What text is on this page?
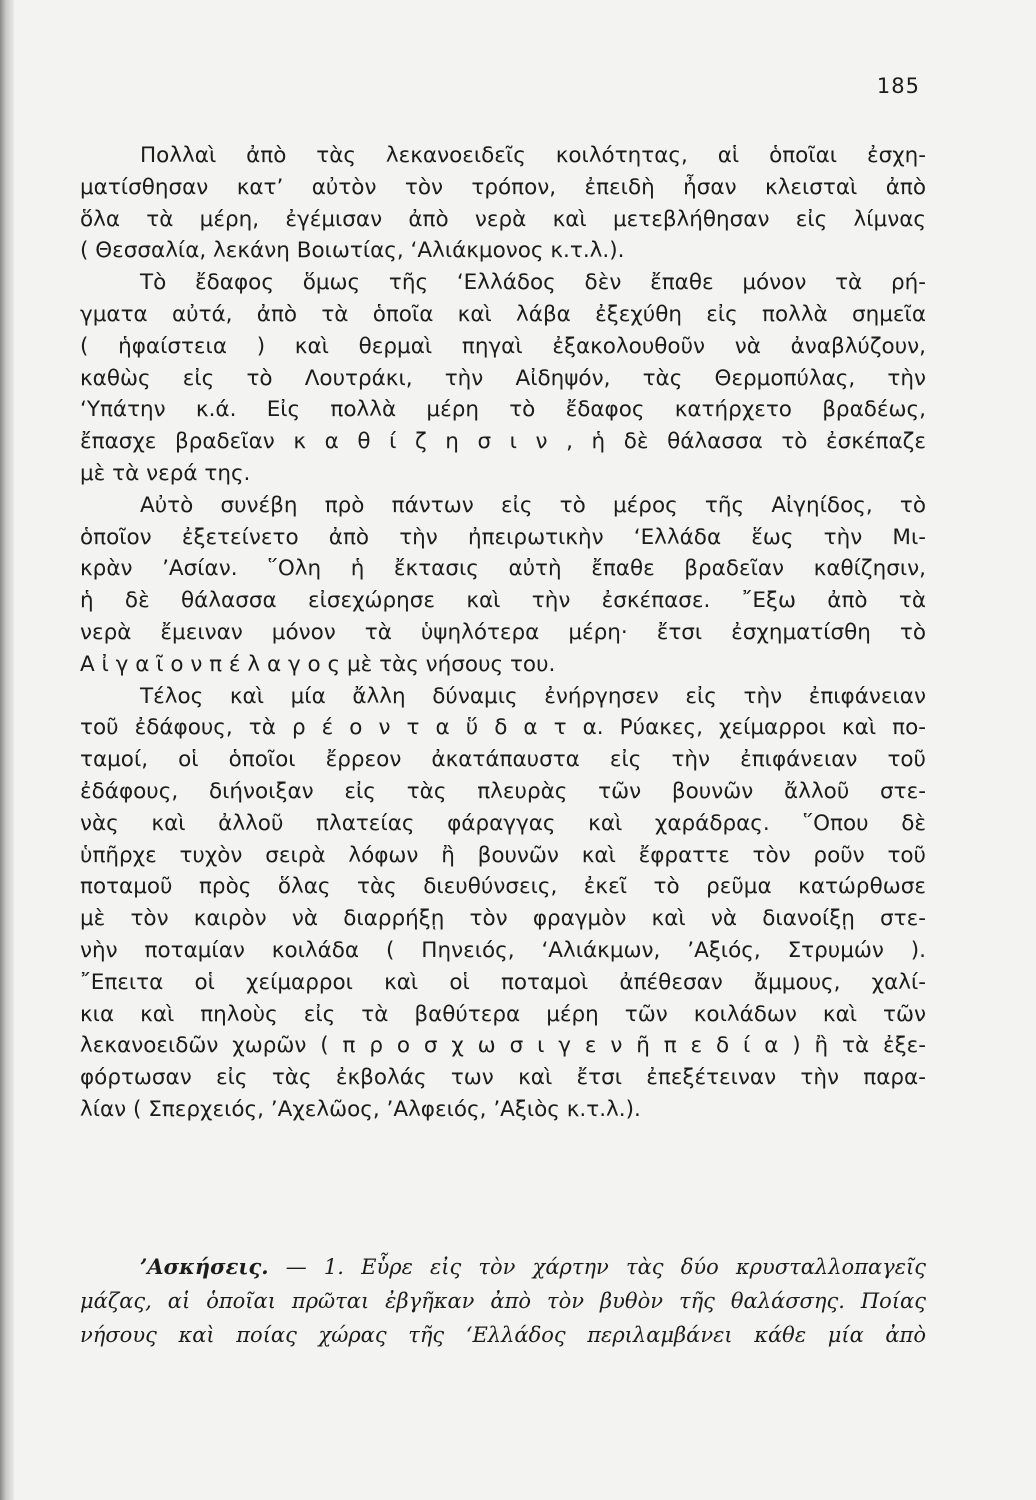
185
Πολλαὶ ἀπὸ τὰς λεκανοειδεῖς κοιλότητας, αἱ ὁποῖαι ἐσχη-
ματίσθησαν κατ’ αὐτὸν τὸν τρόπον, ἐπειδὴ ἦσαν κλεισταὶ ἀπὸ
ὅλα τὰ μέρη, ἐγέμισαν ἀπὸ νερὰ καὶ μετεβλήθησαν εἰς λίμνας
( Θεσσαλία, λεκάνη Βοιωτίας, ‘Αλιάκμονος κ.τ.λ.).
Τὸ ἔδαφος ὅμως τῆς ‘Ελλάδος δὲν ἔπαθε μόνον τὰ ρή-
γματα αὐτά, ἀπὸ τὰ ὁποῖα καὶ λάβα ἐξεχύθη εἰς πολλὰ σημεῖα
( ἡφαίστεια ) καὶ θερμαὶ πηγαὶ ἐξακολουθοῦν νὰ ἀναβλύζουν,
καθὼς εἰς τὸ Λουτράκι, τὴν Αἰδηψόν, τὰς Θερμοπύλας, τὴν
‘Υπάτην κ.ά. Εἰς πολλὰ μέρη τὸ ἔδαφος κατήρχετο βραδέως,
ἔπασχε βραδεῖαν κ α θ ί ζ η σ ι ν , ἡ δὲ θάλασσα τὸ ἐσκέπαζε
μὲ τὰ νερά της.
Αὐτὸ συνέβη πρὸ πάντων εἰς τὸ μέρος τῆς Αἰγηίδος, τὸ
ὁποῖον ἐξετείνετο ἀπὸ τὴν ἠπειρωτικὴν ‘Ελλάδα ἕως τὴν Μι-
κρὰν ’Ασίαν. ῞Ολη ἡ ἔκτασις αὐτὴ ἔπαθε βραδεῖαν καθίζησιν,
ἡ δὲ θάλασσα εἰσεχώρησε καὶ τὴν ἐσκέπασε. ῎Εξω ἀπὸ τὰ
νερὰ ἔμειναν μόνον τὰ ὑψηλότερα μέρη· ἔτσι ἐσχηματίσθη τὸ
Α ἰ γ α ῖ ο ν π έ λ α γ ο ς μὲ τὰς νήσους του.
Τέλος καὶ μία ἄλλη δύναμις ἐνήργησεν εἰς τὴν ἐπιφάνειαν
τοῦ ἐδάφους, τὰ ρ έ ο ν τ α ὕ δ α τ α. Ρύακες, χείμαρροι καὶ πο-
ταμοί, οἱ ὁποῖοι ἔρρεον ἀκατάπαυστα εἰς τὴν ἐπιφάνειαν τοῦ
ἐδάφους, διήνοιξαν εἰς τὰς πλευρὰς τῶν βουνῶν ἄλλοῦ στε-
νὰς καὶ ἀλλοῦ πλατείας φάραγγας καὶ χαράδρας. ῞Οπου δὲ
ὑπῆρχε τυχὸν σειρὰ λόφων ἢ βουνῶν καὶ ἔφραττε τὸν ροῦν τοῦ
ποταμοῦ πρὸς ὅλας τὰς διευθύνσεις, ἐκεῖ τὸ ρεῦμα κατώρθωσε
μὲ τὸν καιρὸν νὰ διαρρήξῃ τὸν φραγμὸν καὶ νὰ διανοίξῃ στε-
νὴν ποταμίαν κοιλάδα ( Πηνειός, ‘Αλιάκμων, ’Αξιός, Στρυμών ).
῎Επειτα οἱ χείμαρροι καὶ οἱ ποταμοὶ ἀπέθεσαν ἄμμους, χαλί-
κια καὶ πηλοὺς εἰς τὰ βαθύτερα μέρη τῶν κοιλάδων καὶ τῶν
λεκανοειδῶν χωρῶν ( π ρ ο σ χ ω σ ι γ ε ν ῆ π ε δ ί α ) ἢ τὰ ἐξε-
φόρτωσαν εἰς τὰς ἐκβολάς των καὶ ἔτσι ἐπεξέτειναν τὴν παρα-
λίαν ( Σπερχειός, ’Αχελῶος, ’Αλφειός, ’Αξιὸς κ.τ.λ.).
’Ασκήσεις. — 1. Εὗρε εἰς τὸν χάρτην τὰς δύο κρυσταλλοπαγεῖς
μάζας, αἱ ὁποῖαι πρῶται ἐβγῆκαν ἀπὸ τὸν βυθὸν τῆς θαλάσσης. Ποίας
νήσους καὶ ποίας χώρας τῆς ‘Ελλάδος περιλαμβάνει κάθε μία ἀπὸ
